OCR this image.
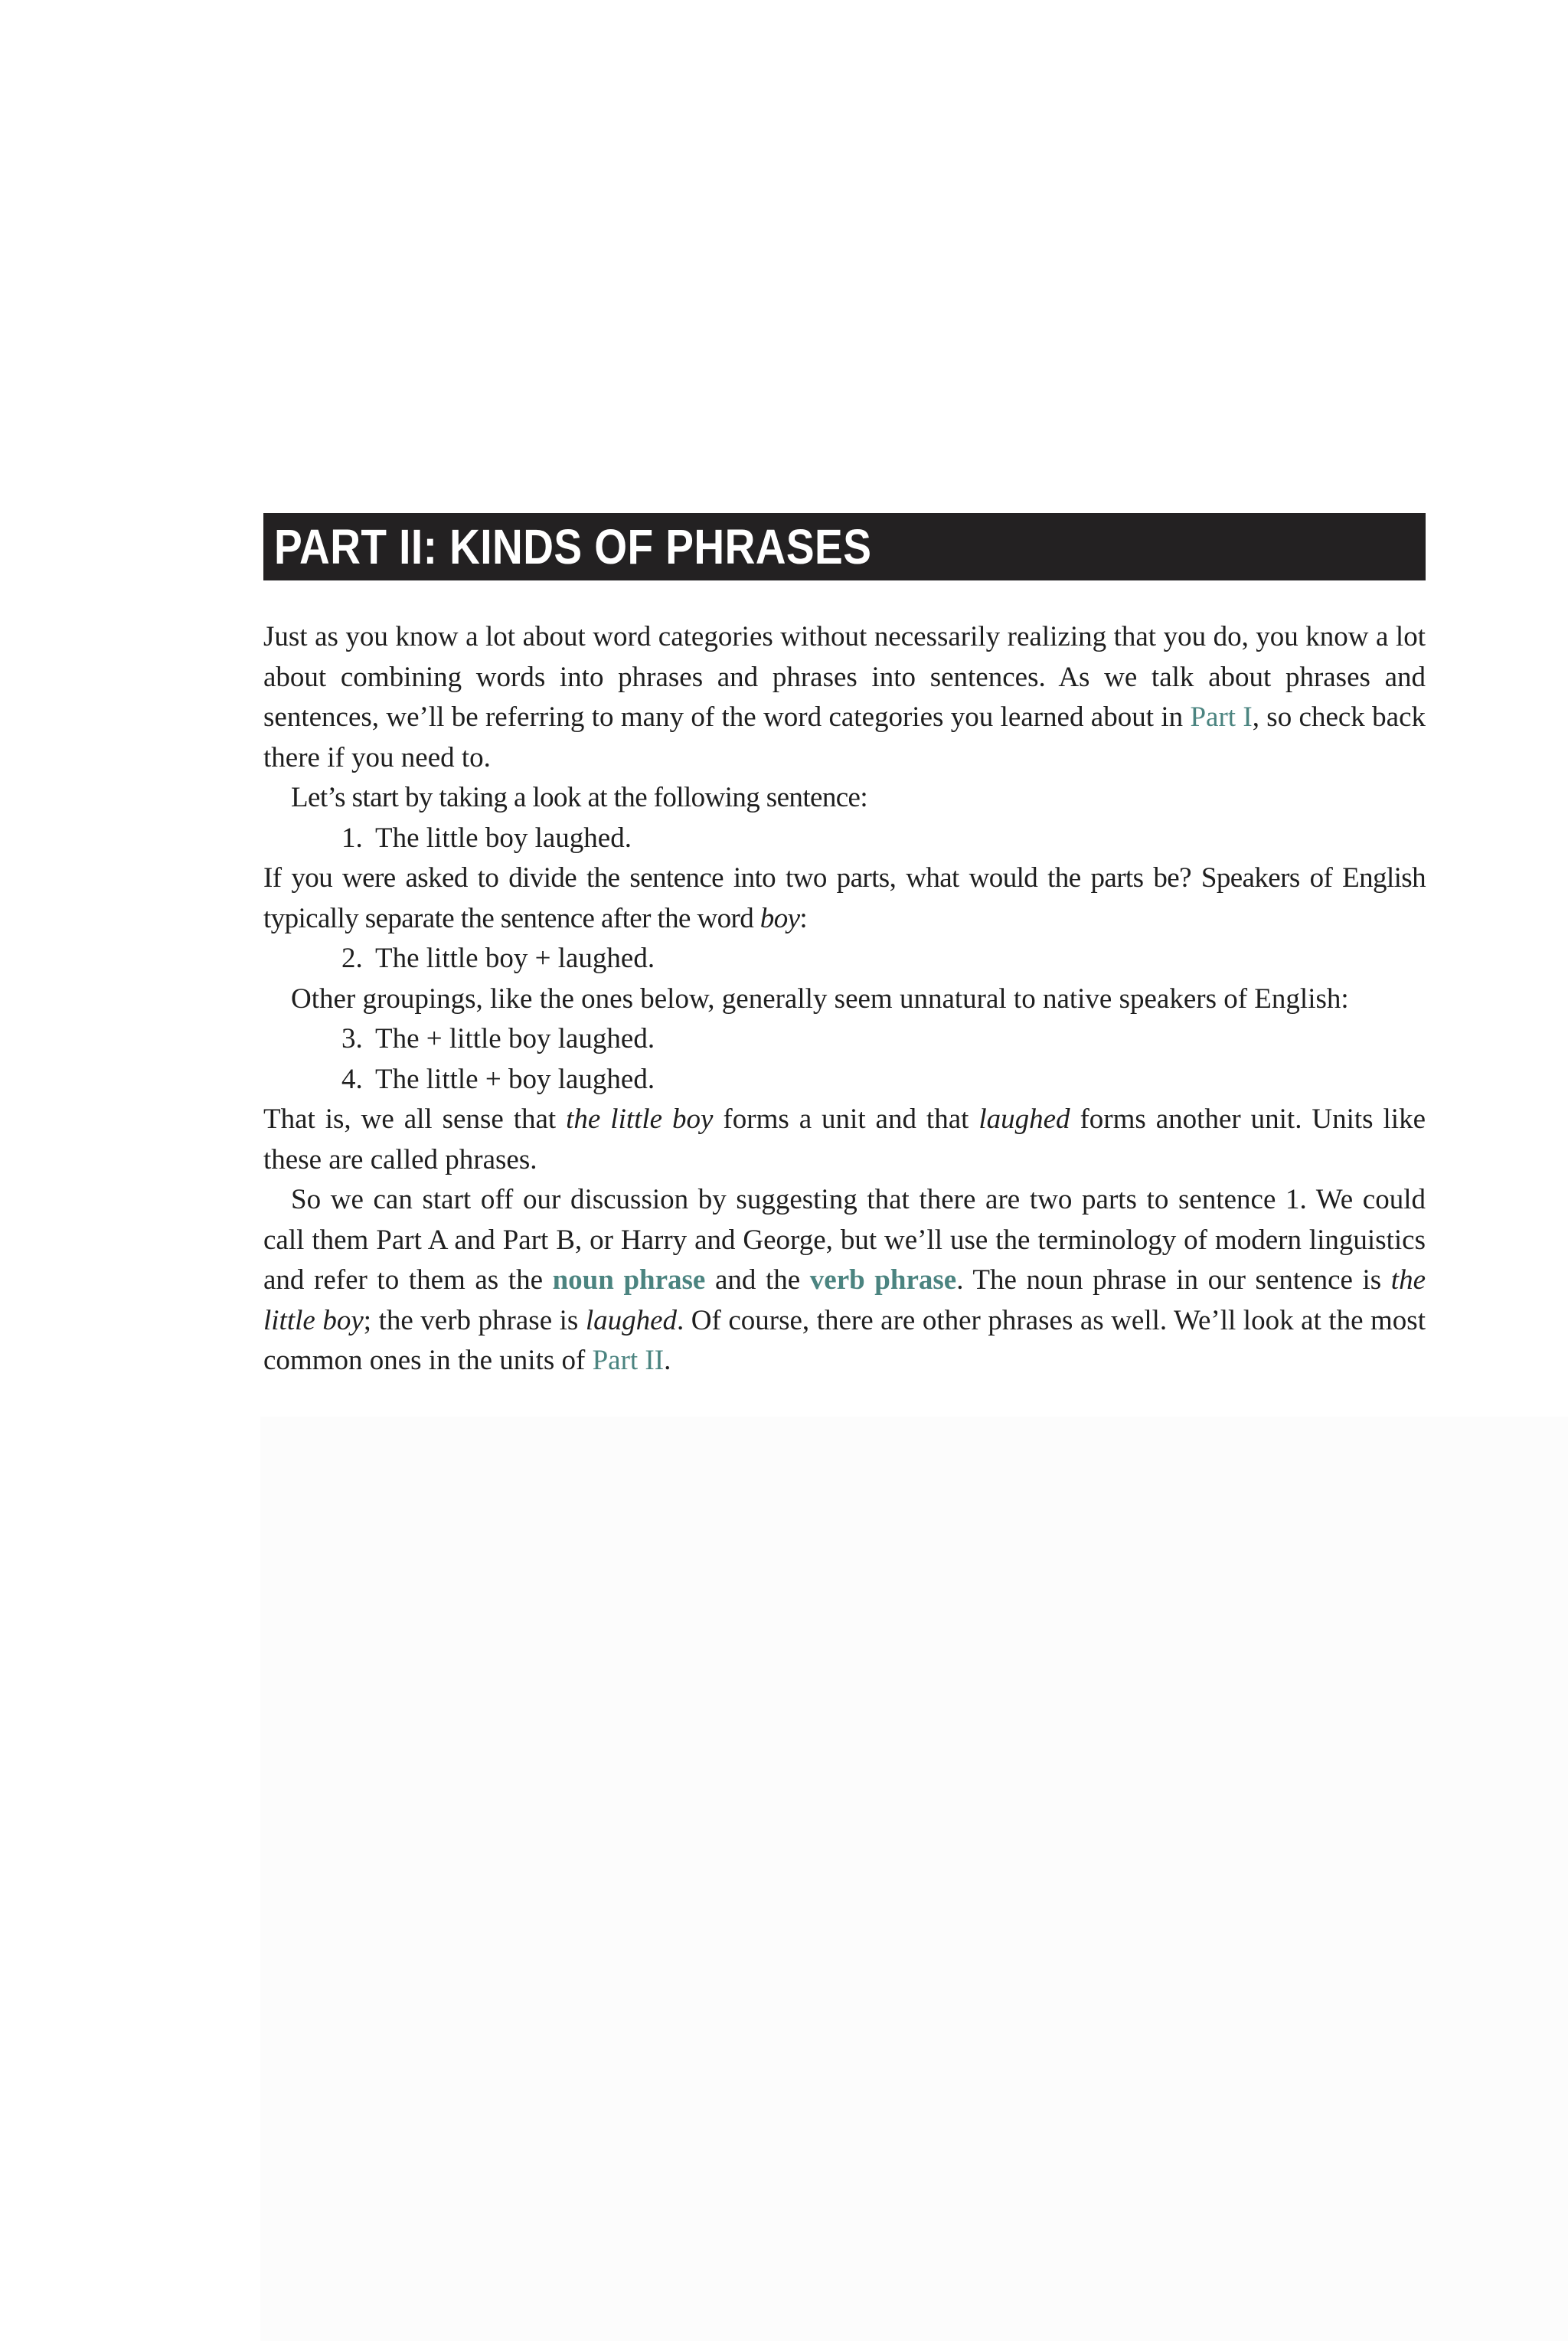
PART II: KINDS OF PHRASES

Just as you know a lot about word categories without necessarily realizing that you do, you know a lot about combining words into phrases and phrases into sentences. As we talk about phrases and sentences, we’ll be referring to many of the word categories you learned about in Part I, so check back there if you need to.

Let’s start by taking a look at the following sentence:

1. The little boy laughed.

If you were asked to divide the sentence into two parts, what would the parts be? Speakers of English typically separate the sentence after the word boy:

2. The little boy + laughed.

Other groupings, like the ones below, generally seem unnatural to native speakers of English:

3. The + little boy laughed.
4. The little + boy laughed.

That is, we all sense that the little boy forms a unit and that laughed forms another unit. Units like these are called phrases.

So we can start off our discussion by suggesting that there are two parts to sentence 1. We could call them Part A and Part B, or Harry and George, but we’ll use the terminology of modern linguistics and refer to them as the noun phrase and the verb phrase. The noun phrase in our sentence is the little boy; the verb phrase is laughed. Of course, there are other phrases as well. We’ll look at the most common ones in the units of Part II.
